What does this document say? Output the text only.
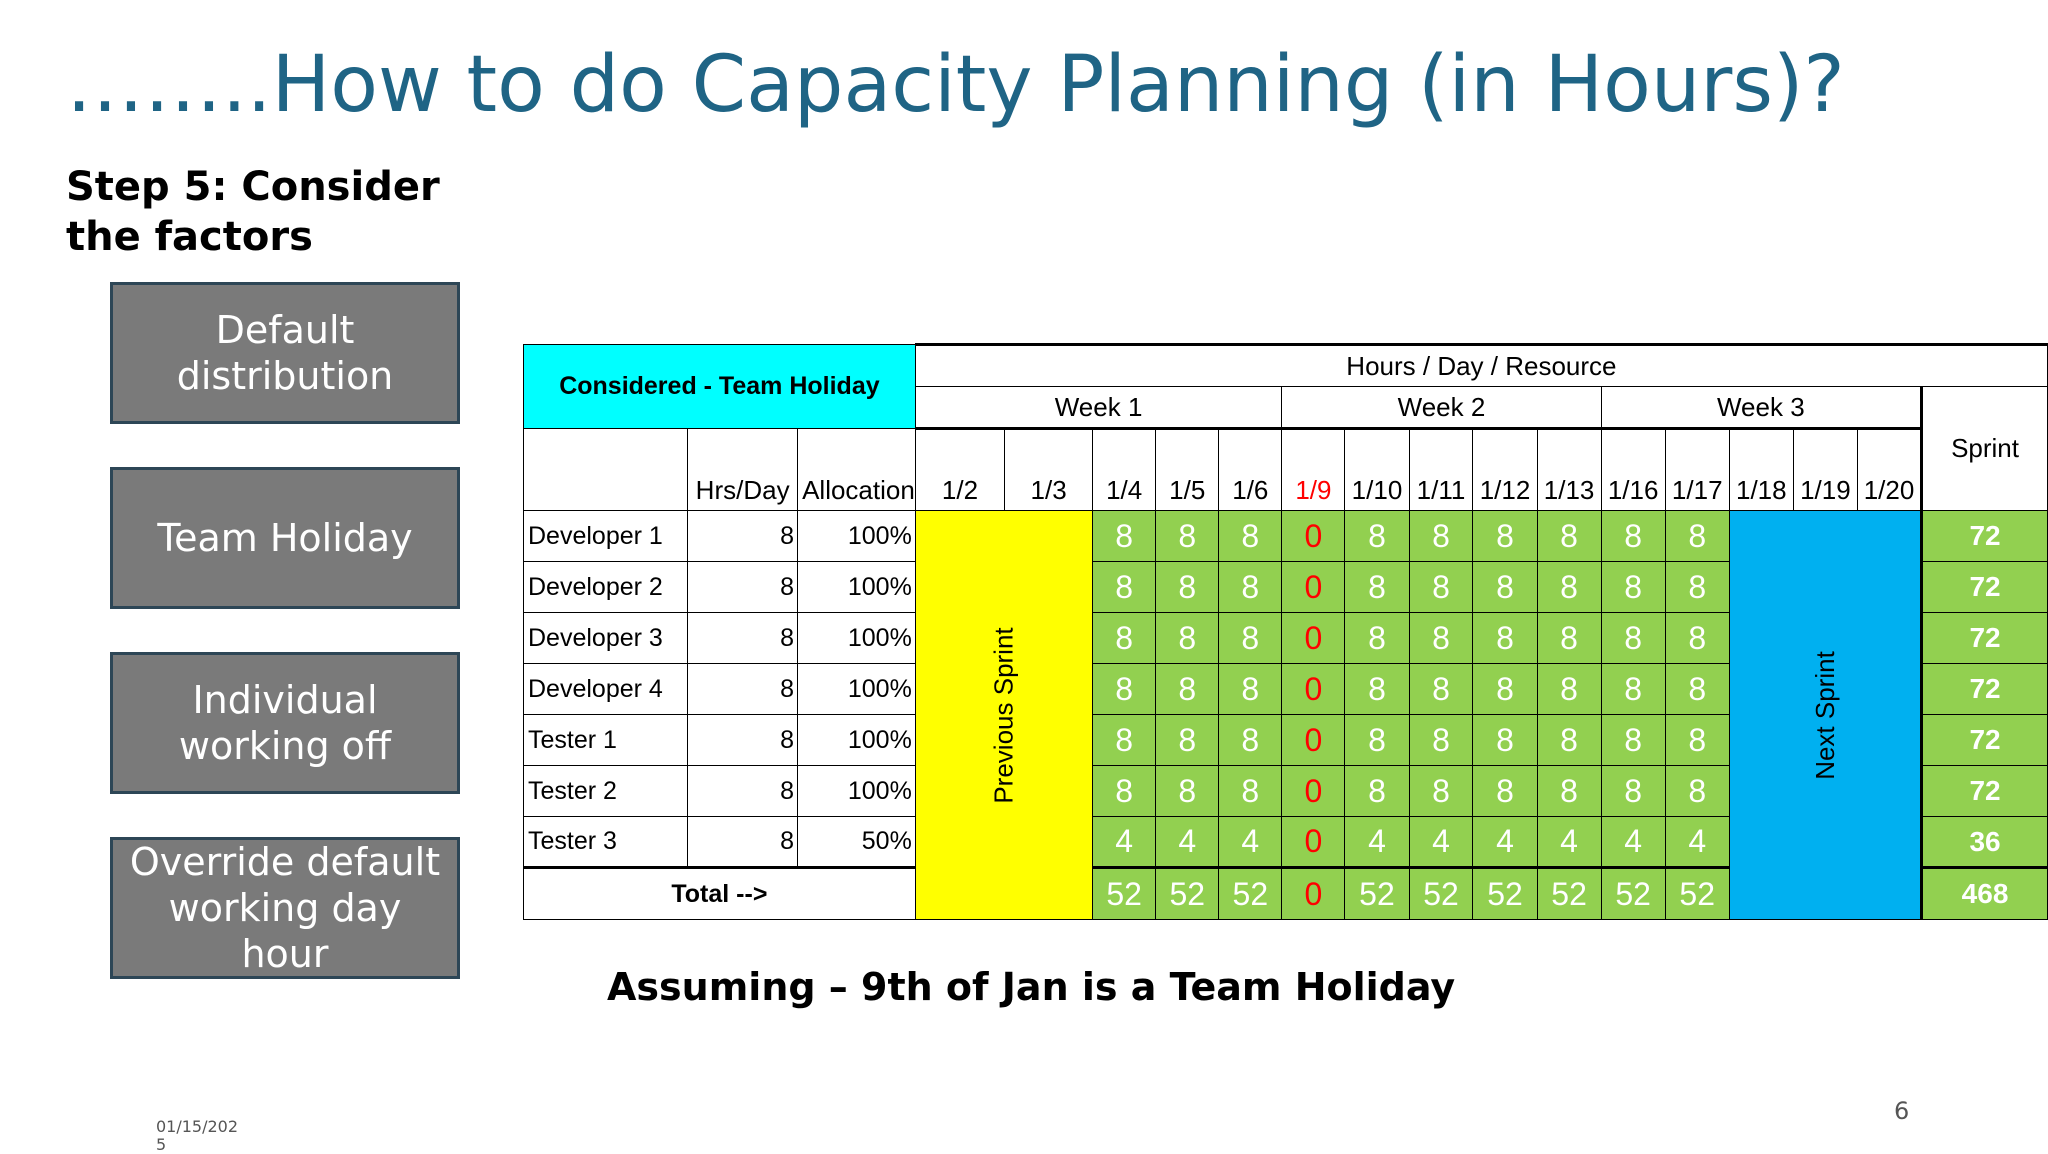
……..How to do Capacity Planning (in Hours)?
Step 5: Consider the factors
Default distribution
Team Holiday
Individual working off
Override default working day hour
Considered - Team Holiday			Hours / Day / Resource															
			Week 1					Week 2					Week 3					Sprint
	Hrs/Day	Allocation	1/2	1/3	1/4	1/5	1/6	1/9	1/10	1/11	1/12	1/13	1/16	1/17	1/18	1/19	1/20	
Developer 1	8	100%	Previous Sprint		8	8	8	0	8	8	8	8	8	8	Next Sprint			72
Developer 2	8	100%			8	8	8	0	8	8	8	8	8	8				72
Developer 3	8	100%			8	8	8	0	8	8	8	8	8	8				72
Developer 4	8	100%			8	8	8	0	8	8	8	8	8	8				72
Tester 1	8	100%			8	8	8	0	8	8	8	8	8	8				72
Tester 2	8	100%			8	8	8	0	8	8	8	8	8	8				72
Tester 3	8	50%			4	4	4	0	4	4	4	4	4	4				36
Total -->					52	52	52	0	52	52	52	52	52	52				468
Assuming – 9th of Jan is a Team Holiday
01/15/2025
6
